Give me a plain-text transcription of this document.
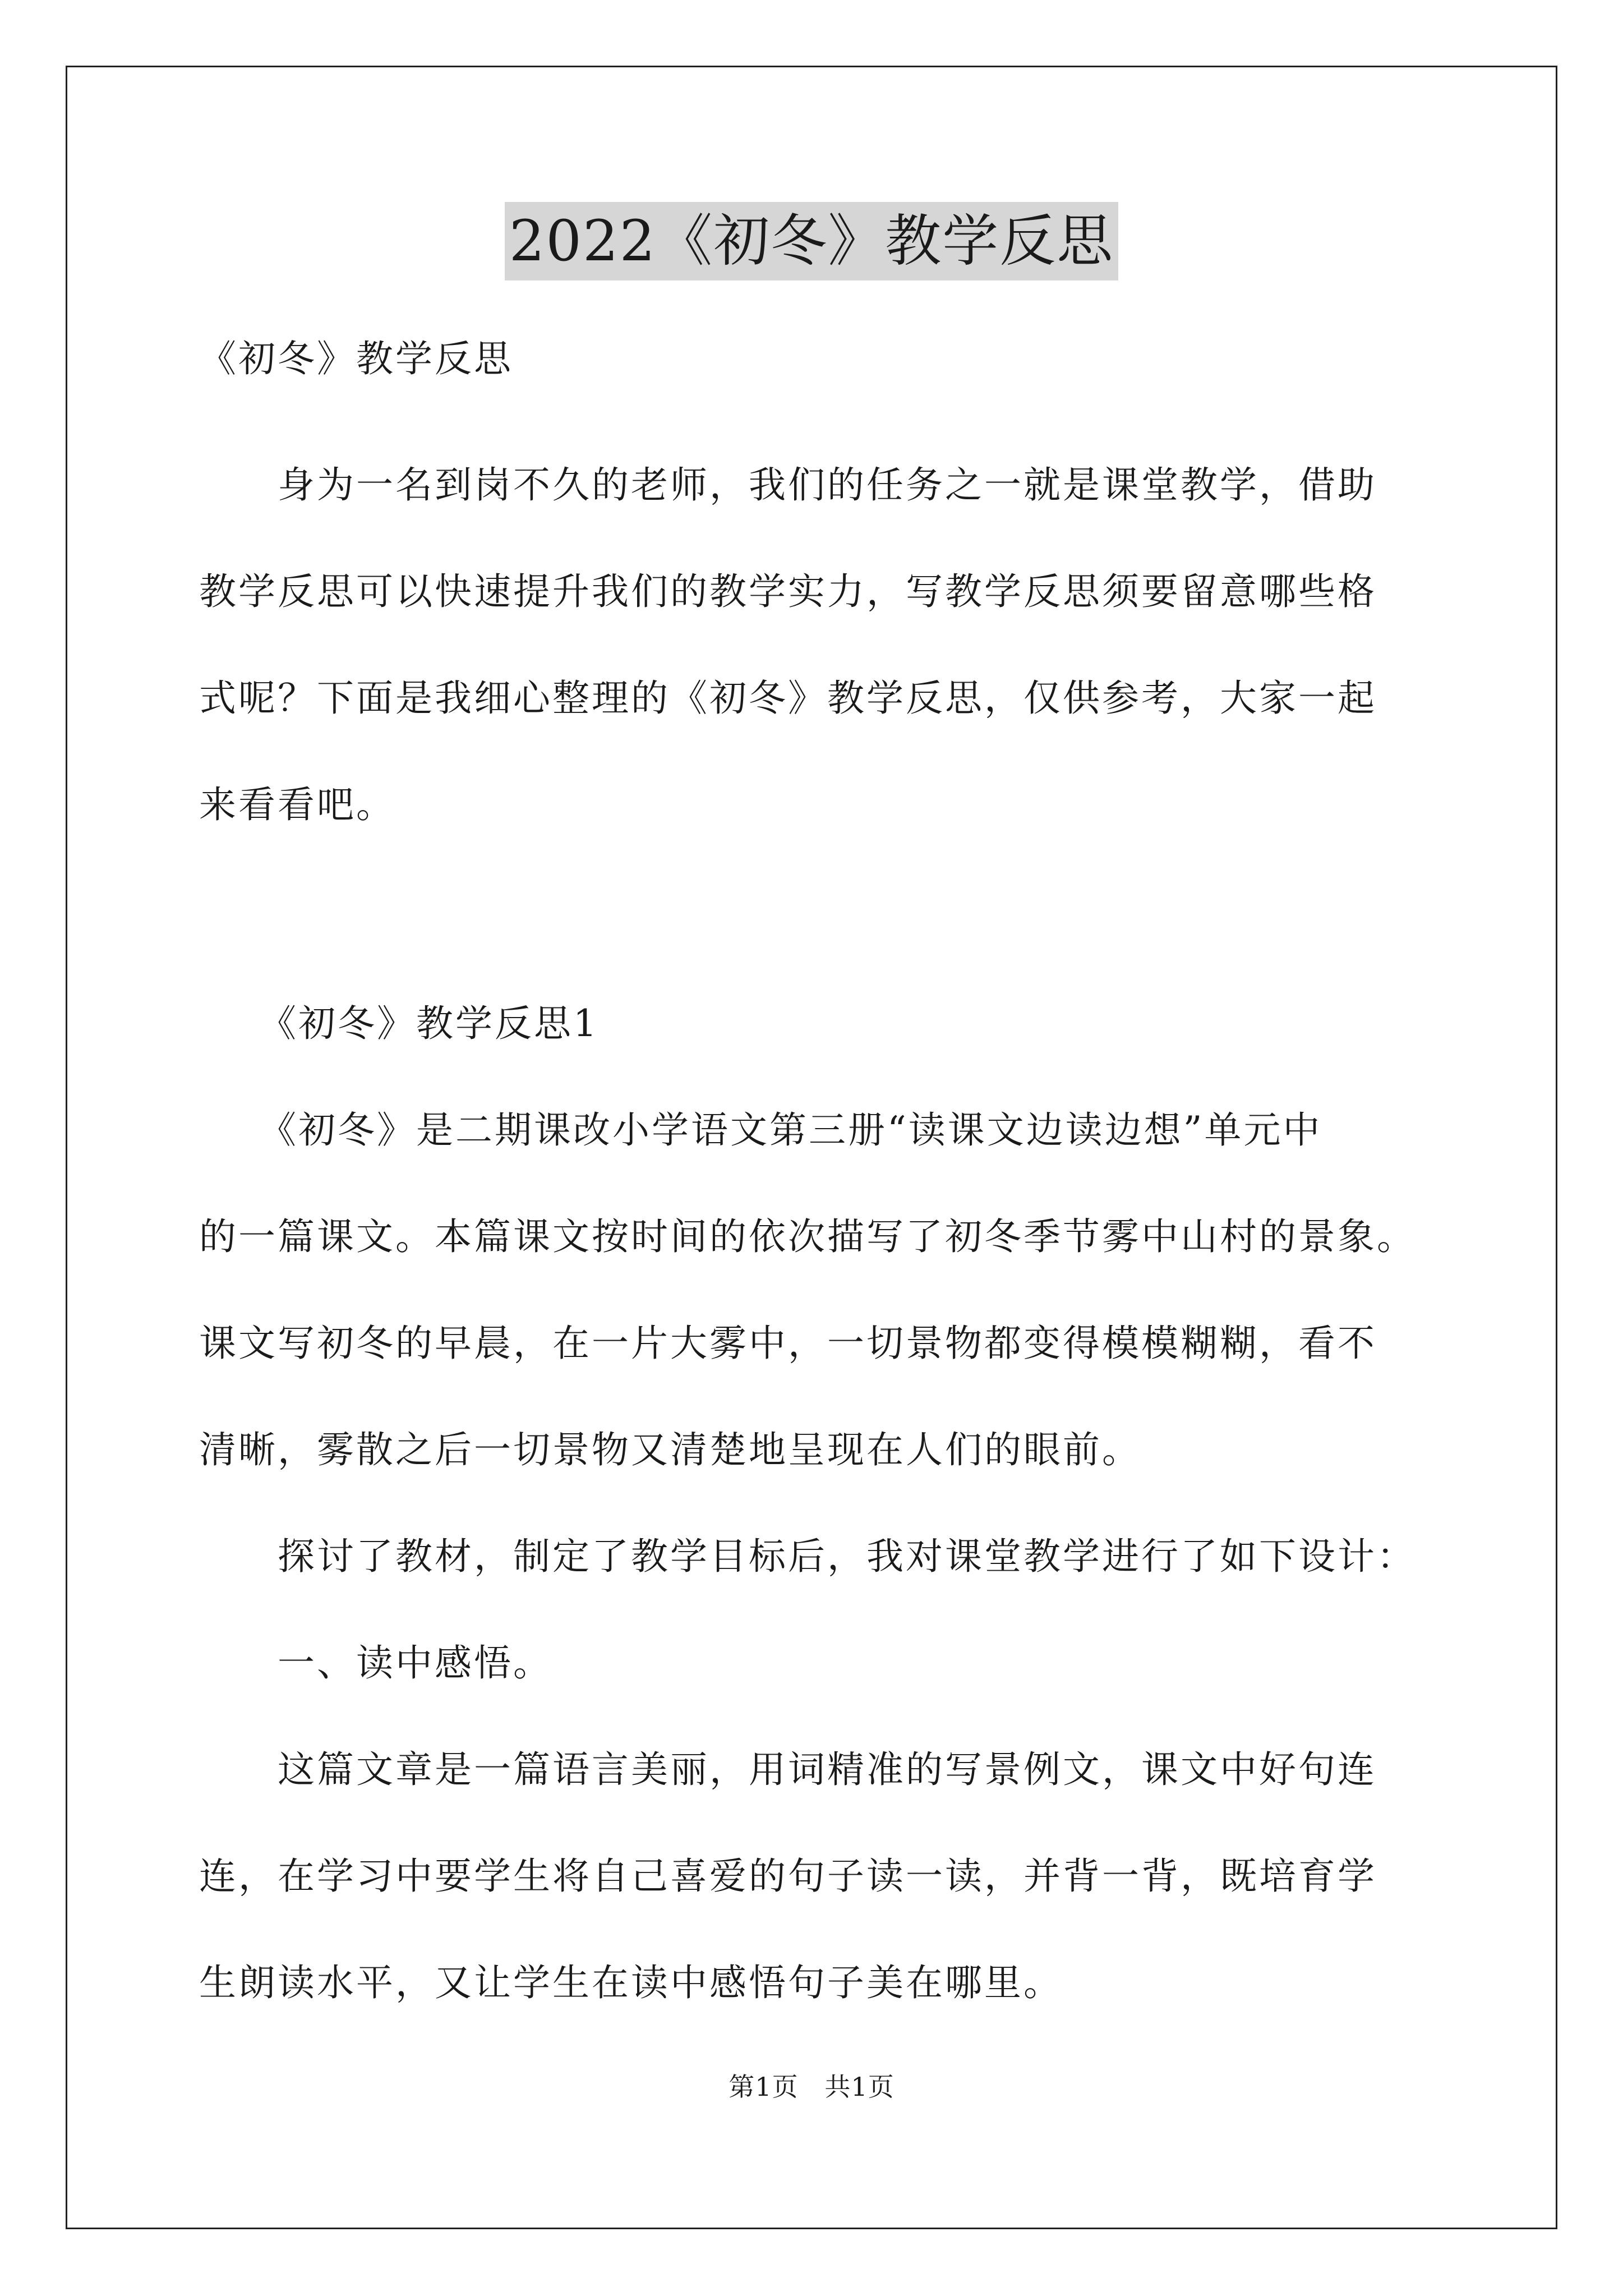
2022《初冬》教学反思
《初冬》教学反思
　　身为一名到岗不久的老师，我们的任务之一就是课堂教学，借助
教学反思可以快速提升我们的教学实力，写教学反思须要留意哪些格
式呢？下面是我细心整理的《初冬》教学反思，仅供参考，大家一起
来看看吧。
　　《初冬》教学反思1
　　《初冬》是二期课改小学语文第三册“读课文边读边想”单元中
的一篇课文。本篇课文按时间的依次描写了初冬季节雾中山村的景象。
课文写初冬的早晨，在一片大雾中，一切景物都变得模模糊糊，看不
清晰，雾散之后一切景物又清楚地呈现在人们的眼前。
　　探讨了教材，制定了教学目标后，我对课堂教学进行了如下设计：
　　一、读中感悟。
　　这篇文章是一篇语言美丽，用词精准的写景例文，课文中好句连
连，在学习中要学生将自己喜爱的句子读一读，并背一背，既培育学
生朗读水平，又让学生在读中感悟句子美在哪里。
第1页   共1页
